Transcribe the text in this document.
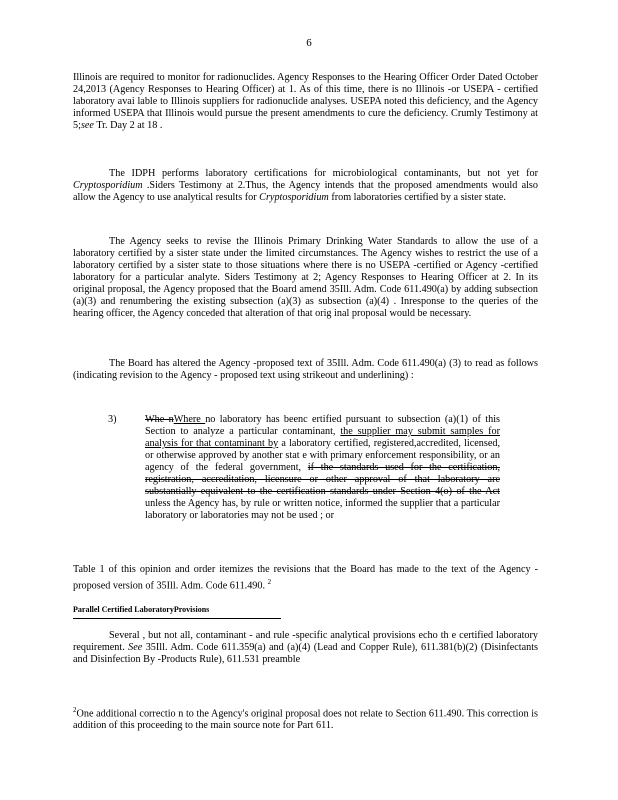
6

Illinois are required to monitor for radionuclides. Agency Responses to the Hearing Officer Order Dated October 24,2013 (Agency Responses to Hearing Officer) at 1. As of this time, there is no Illinois -or USEPA - certified laboratory avai lable to Illinois suppliers for radionuclide analyses. USEPA noted this deficiency, and the Agency informed USEPA that Illinois would pursue the present amendments to cure the deficiency. Crumly Testimony at 5;see Tr. Day 2 at 18 .

The IDPH performs laboratory certifications for microbiological contaminants, but not yet for Cryptosporidium .Siders Testimony at 2.Thus, the Agency intends that the proposed amendments would also allow the Agency to use analytical results for Cryptosporidium from laboratories certified by a sister state.

The Agency seeks to revise the Illinois Primary Drinking Water Standards to allow the use of a laboratory certified by a sister state under the limited circumstances. The Agency wishes to restrict the use of a laboratory certified by a sister state to those situations where there is no USEPA -certified or Agency -certified laboratory for a particular analyte. Siders Testimony at 2; Agency Responses to Hearing Officer at 2. In its original proposal, the Agency proposed that the Board amend 35Ill. Adm. Code 611.490(a) by adding subsection (a)(3) and renumbering the existing subsection (a)(3) as subsection (a)(4) . Inresponse to the queries of the hearing officer, the Agency conceded that alteration of that orig inal proposal would be necessary.

The Board has altered the Agency -proposed text of 35Ill. Adm. Code 611.490(a) (3) to read as follows (indicating revision to the Agency - proposed text using strikeout and underlining) :

3)	Whe nWhere no laboratory has beenc ertified pursuant to subsection (a)(1) of this Section to analyze a particular contaminant, the supplier may submit samples for analysis for that contaminant by a laboratory certified, registered,accredited, licensed, or otherwise approved by another stat e with primary enforcement responsibility, or an agency of the federal government, if the standards used for the certification, registration, accreditation, licensure or other approval of that laboratory are substantially equivalent to the certification standards under Section 4(o) of the Act unless the Agency has, by rule or written notice, informed the supplier that a particular laboratory or laboratories may not be used ; or

Table 1 of this opinion and order itemizes the revisions that the Board has made to the text of the Agency -proposed version of 35Ill. Adm. Code 611.490. $^2$

Parallel Certified LaboratoryProvisions

Several , but not all, contaminant - and rule -specific analytical provisions echo th e certified laboratory requirement. See 35Ill. Adm. Code 611.359(a) and (a)(4) (Lead and Copper Rule), 611.381(b)(2) (Disinfectants and Disinfection By -Products Rule), 611.531 preamble

$^2$One additional correctio n to the Agency's original proposal does not relate to Section 611.490. This correction is addition of this proceeding to the main source note for Part 611.
